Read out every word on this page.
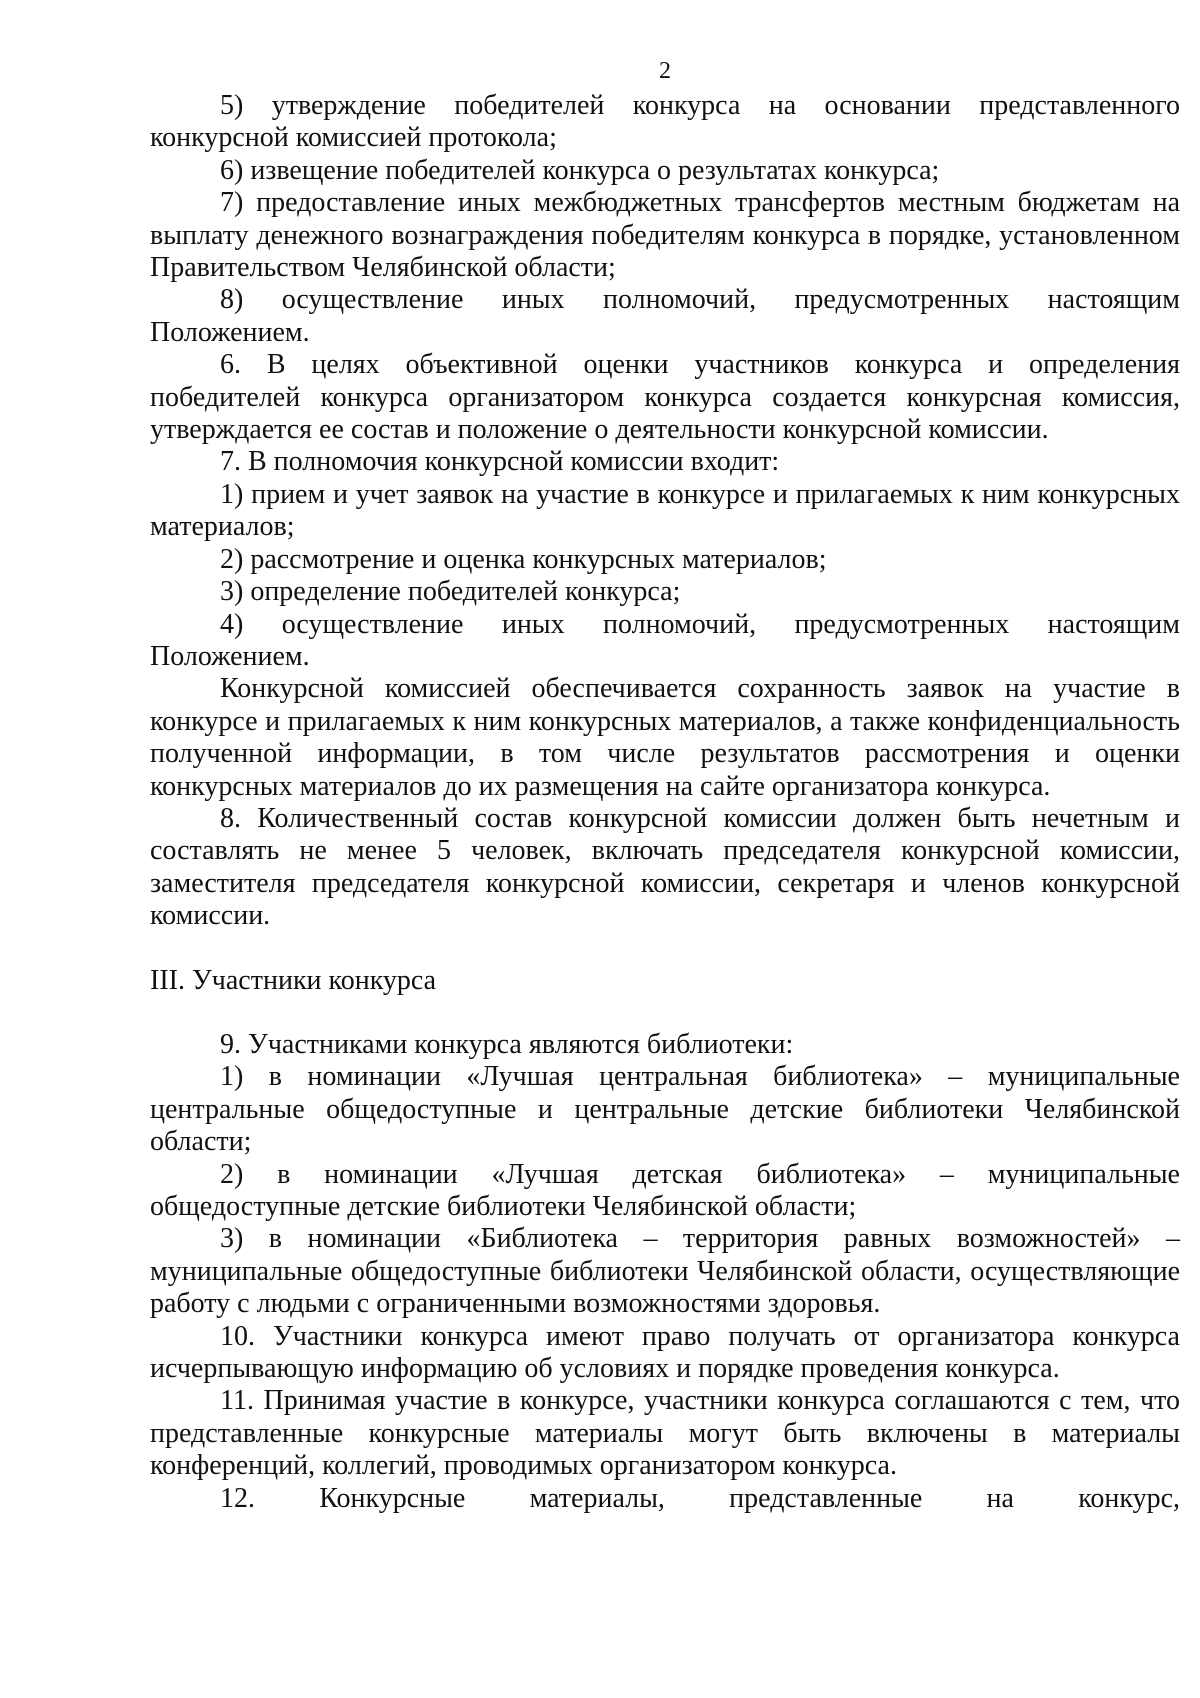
2

5) утверждение победителей конкурса на основании представленного конкурсной комиссией протокола;

6) извещение победителей конкурса о результатах конкурса;

7) предоставление иных межбюджетных трансфертов местным бюджетам на выплату денежного вознаграждения победителям конкурса в порядке, установленном Правительством Челябинской области;

8) осуществление иных полномочий, предусмотренных настоящим Положением.

6. В целях объективной оценки участников конкурса и определения победителей конкурса организатором конкурса создается конкурсная комиссия, утверждается ее состав и положение о деятельности конкурсной комиссии.

7. В полномочия конкурсной комиссии входит:

1) прием и учет заявок на участие в конкурсе и прилагаемых к ним конкурсных материалов;

2) рассмотрение и оценка конкурсных материалов;

3) определение победителей конкурса;

4) осуществление иных полномочий, предусмотренных настоящим Положением.

Конкурсной комиссией обеспечивается сохранность заявок на участие в конкурсе и прилагаемых к ним конкурсных материалов, а также конфиденциальность полученной информации, в том числе результатов рассмотрения и оценки конкурсных материалов до их размещения на сайте организатора конкурса.

8. Количественный состав конкурсной комиссии должен быть нечетным и составлять не менее 5 человек, включать председателя конкурсной комиссии, заместителя председателя конкурсной комиссии, секретаря и членов конкурсной комиссии.

III. Участники конкурса

9. Участниками конкурса являются библиотеки:

1) в номинации «Лучшая центральная библиотека» – муниципальные центральные общедоступные и центральные детские библиотеки Челябинской области;

2) в номинации «Лучшая детская библиотека» – муниципальные общедоступные детские библиотеки Челябинской области;

3) в номинации «Библиотека – территория равных возможностей» – муниципальные общедоступные библиотеки Челябинской области, осуществляющие работу с людьми с ограниченными возможностями здоровья.

10. Участники конкурса имеют право получать от организатора конкурса исчерпывающую информацию об условиях и порядке проведения конкурса.

11. Принимая участие в конкурсе, участники конкурса соглашаются с тем, что представленные конкурсные материалы могут быть включены в материалы конференций, коллегий, проводимых организатором конкурса.

12. Конкурсные материалы, представленные на конкурс,
